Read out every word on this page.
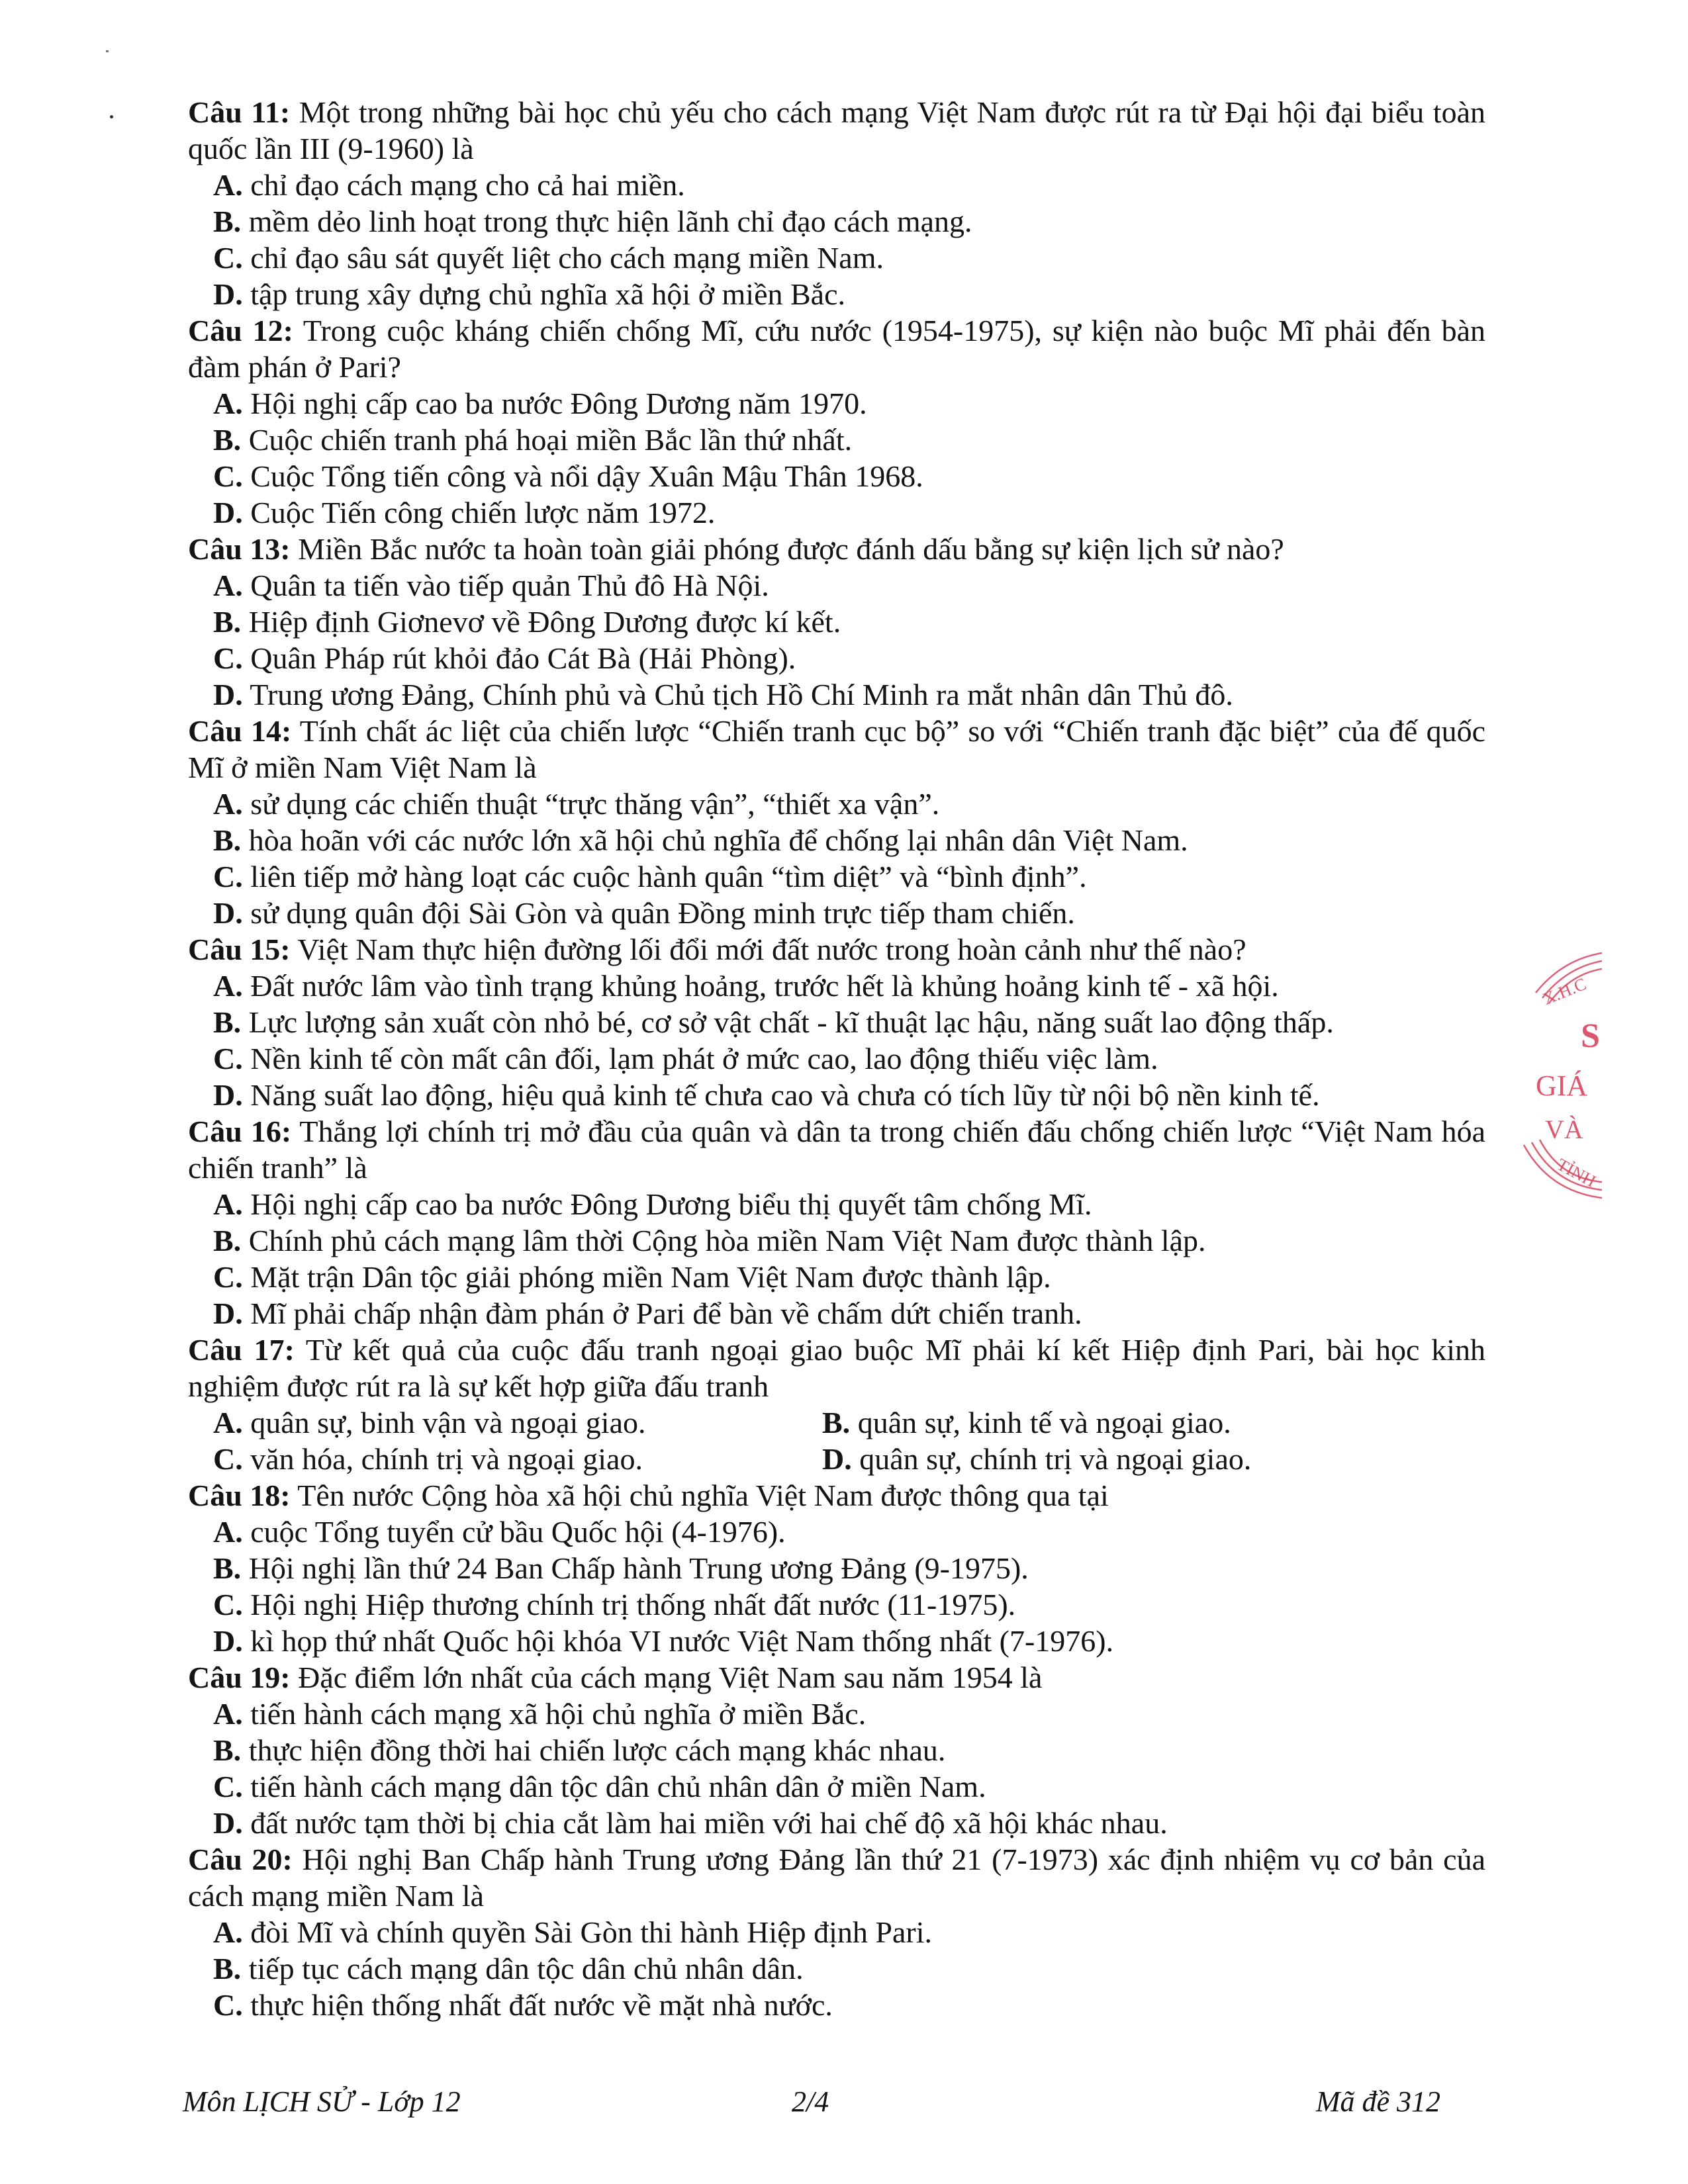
Câu 11: Một trong những bài học chủ yếu cho cách mạng Việt Nam được rút ra từ Đại hội đại biểu toàn quốc lần III (9-1960) là
A. chỉ đạo cách mạng cho cả hai miền.
B. mềm dẻo linh hoạt trong thực hiện lãnh chỉ đạo cách mạng.
C. chỉ đạo sâu sát quyết liệt cho cách mạng miền Nam.
D. tập trung xây dựng chủ nghĩa xã hội ở miền Bắc.
Câu 12: Trong cuộc kháng chiến chống Mĩ, cứu nước (1954-1975), sự kiện nào buộc Mĩ phải đến bàn đàm phán ở Pari?
A. Hội nghị cấp cao ba nước Đông Dương năm 1970.
B. Cuộc chiến tranh phá hoại miền Bắc lần thứ nhất.
C. Cuộc Tổng tiến công và nổi dậy Xuân Mậu Thân 1968.
D. Cuộc Tiến công chiến lược năm 1972.
Câu 13: Miền Bắc nước ta hoàn toàn giải phóng được đánh dấu bằng sự kiện lịch sử nào?
A. Quân ta tiến vào tiếp quản Thủ đô Hà Nội.
B. Hiệp định Giơnevơ về Đông Dương được kí kết.
C. Quân Pháp rút khỏi đảo Cát Bà (Hải Phòng).
D. Trung ương Đảng, Chính phủ và Chủ tịch Hồ Chí Minh ra mắt nhân dân Thủ đô.
Câu 14: Tính chất ác liệt của chiến lược “Chiến tranh cục bộ” so với “Chiến tranh đặc biệt” của đế quốc Mĩ ở miền Nam Việt Nam là
A. sử dụng các chiến thuật “trực thăng vận”, “thiết xa vận”.
B. hòa hoãn với các nước lớn xã hội chủ nghĩa để chống lại nhân dân Việt Nam.
C. liên tiếp mở hàng loạt các cuộc hành quân “tìm diệt” và “bình định”.
D. sử dụng quân đội Sài Gòn và quân Đồng minh trực tiếp tham chiến.
Câu 15: Việt Nam thực hiện đường lối đổi mới đất nước trong hoàn cảnh như thế nào?
A. Đất nước lâm vào tình trạng khủng hoảng, trước hết là khủng hoảng kinh tế - xã hội.
B. Lực lượng sản xuất còn nhỏ bé, cơ sở vật chất - kĩ thuật lạc hậu, năng suất lao động thấp.
C. Nền kinh tế còn mất cân đối, lạm phát ở mức cao, lao động thiếu việc làm.
D. Năng suất lao động, hiệu quả kinh tế chưa cao và chưa có tích lũy từ nội bộ nền kinh tế.
Câu 16: Thắng lợi chính trị mở đầu của quân và dân ta trong chiến đấu chống chiến lược “Việt Nam hóa chiến tranh” là
A. Hội nghị cấp cao ba nước Đông Dương biểu thị quyết tâm chống Mĩ.
B. Chính phủ cách mạng lâm thời Cộng hòa miền Nam Việt Nam được thành lập.
C. Mặt trận Dân tộc giải phóng miền Nam Việt Nam được thành lập.
D. Mĩ phải chấp nhận đàm phán ở Pari để bàn về chấm dứt chiến tranh.
Câu 17: Từ kết quả của cuộc đấu tranh ngoại giao buộc Mĩ phải kí kết Hiệp định Pari, bài học kinh nghiệm được rút ra là sự kết hợp giữa đấu tranh
A. quân sự, binh vận và ngoại giao.	B. quân sự, kinh tế và ngoại giao.
C. văn hóa, chính trị và ngoại giao.	D. quân sự, chính trị và ngoại giao.
Câu 18: Tên nước Cộng hòa xã hội chủ nghĩa Việt Nam được thông qua tại
A. cuộc Tổng tuyển cử bầu Quốc hội (4-1976).
B. Hội nghị lần thứ 24 Ban Chấp hành Trung ương Đảng (9-1975).
C. Hội nghị Hiệp thương chính trị thống nhất đất nước (11-1975).
D. kì họp thứ nhất Quốc hội khóa VI nước Việt Nam thống nhất (7-1976).
Câu 19: Đặc điểm lớn nhất của cách mạng Việt Nam sau năm 1954 là
A. tiến hành cách mạng xã hội chủ nghĩa ở miền Bắc.
B. thực hiện đồng thời hai chiến lược cách mạng khác nhau.
C. tiến hành cách mạng dân tộc dân chủ nhân dân ở miền Nam.
D. đất nước tạm thời bị chia cắt làm hai miền với hai chế độ xã hội khác nhau.
Câu 20: Hội nghị Ban Chấp hành Trung ương Đảng lần thứ 21 (7-1973) xác định nhiệm vụ cơ bản của cách mạng miền Nam là
A. đòi Mĩ và chính quyền Sài Gòn thi hành Hiệp định Pari.
B. tiếp tục cách mạng dân tộc dân chủ nhân dân.
C. thực hiện thống nhất đất nước về mặt nhà nước.
X.H.C
S
GIÁ
VÀ
TỈNH
Môn LỊCH SỬ - Lớp 12	2/4	Mã đề 312
